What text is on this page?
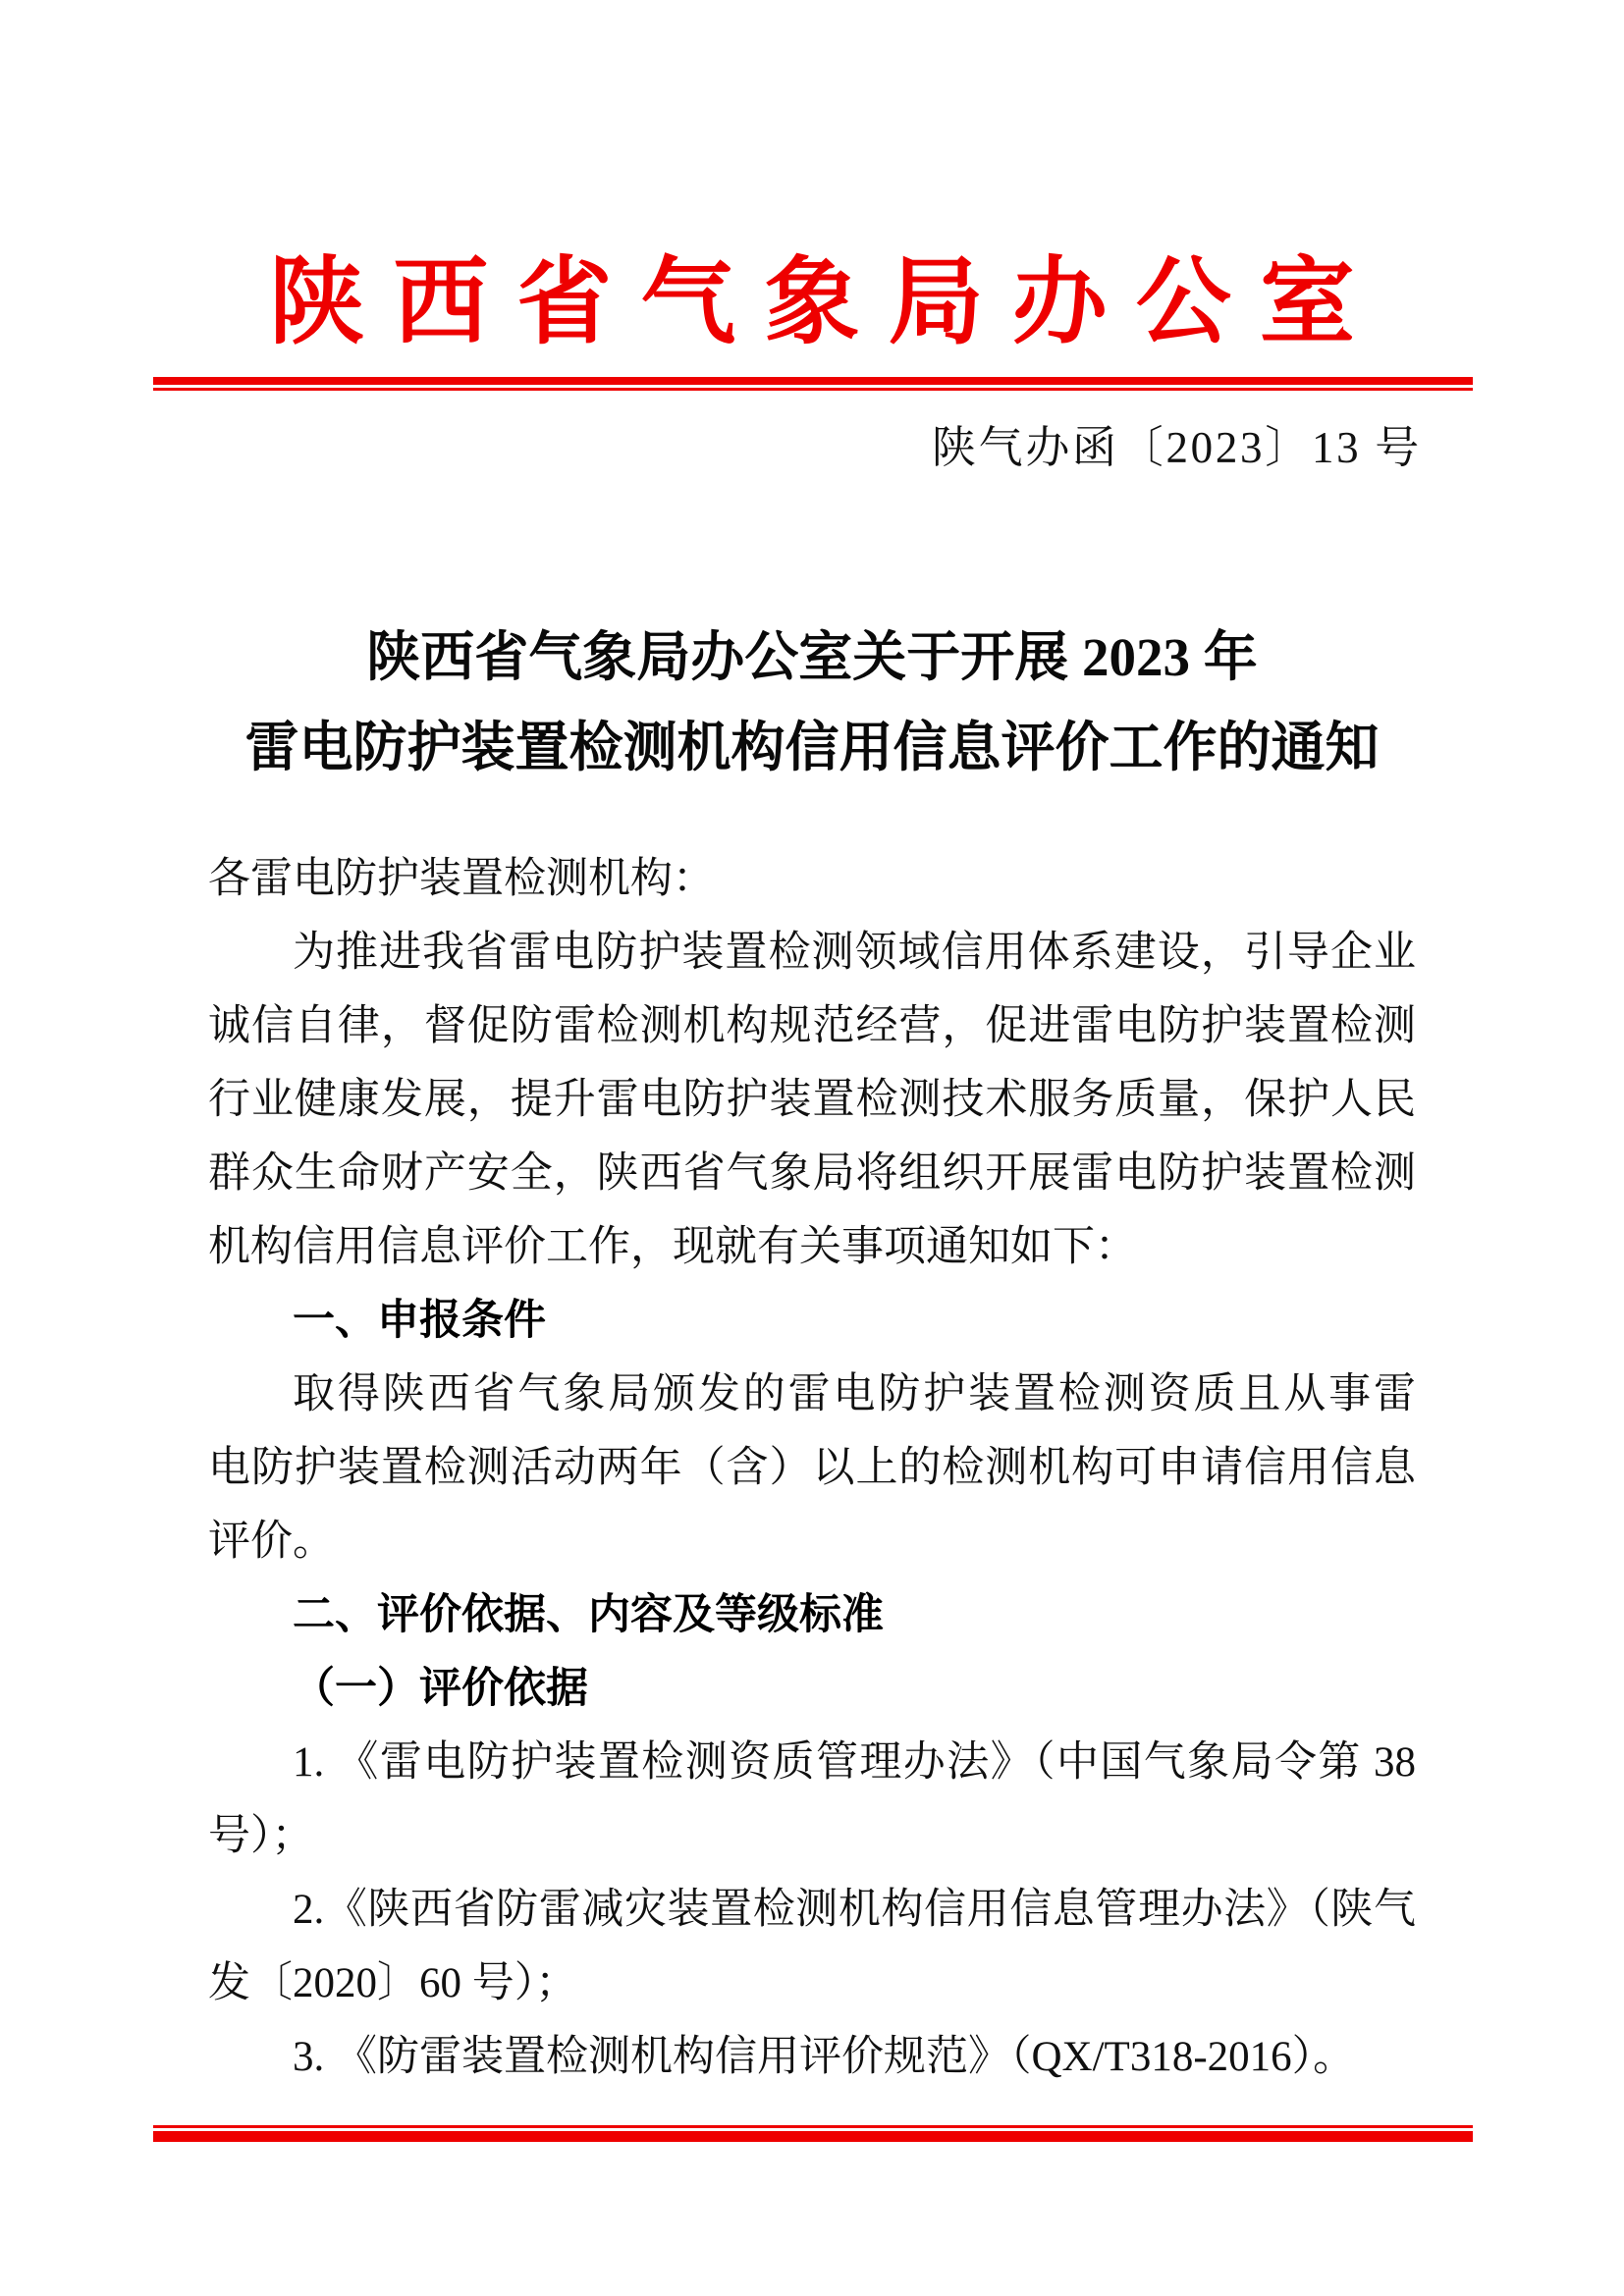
陕西省气象局办公室
陕气办函〔2023〕13 号
陕西省气象局办公室关于开展 2023 年
雷电防护装置检测机构信用信息评价工作的通知
各雷电防护装置检测机构：
为推进我省雷电防护装置检测领域信用体系建设，引导企业
诚信自律，督促防雷检测机构规范经营，促进雷电防护装置检测
行业健康发展，提升雷电防护装置检测技术服务质量，保护人民
群众生命财产安全，陕西省气象局将组织开展雷电防护装置检测
机构信用信息评价工作，现就有关事项通知如下：
一、申报条件
取得陕西省气象局颁发的雷电防护装置检测资质且从事雷
电防护装置检测活动两年（含）以上的检测机构可申请信用信息
评价。
二、评价依据、内容及等级标准
（一）评价依据
1. 《雷电防护装置检测资质管理办法》（中国气象局令第 38
号）；
2.《陕西省防雷减灾装置检测机构信用信息管理办法》（陕气
发〔2020〕60 号）；
3. 《防雷装置检测机构信用评价规范》（QX/T318-2016）。
